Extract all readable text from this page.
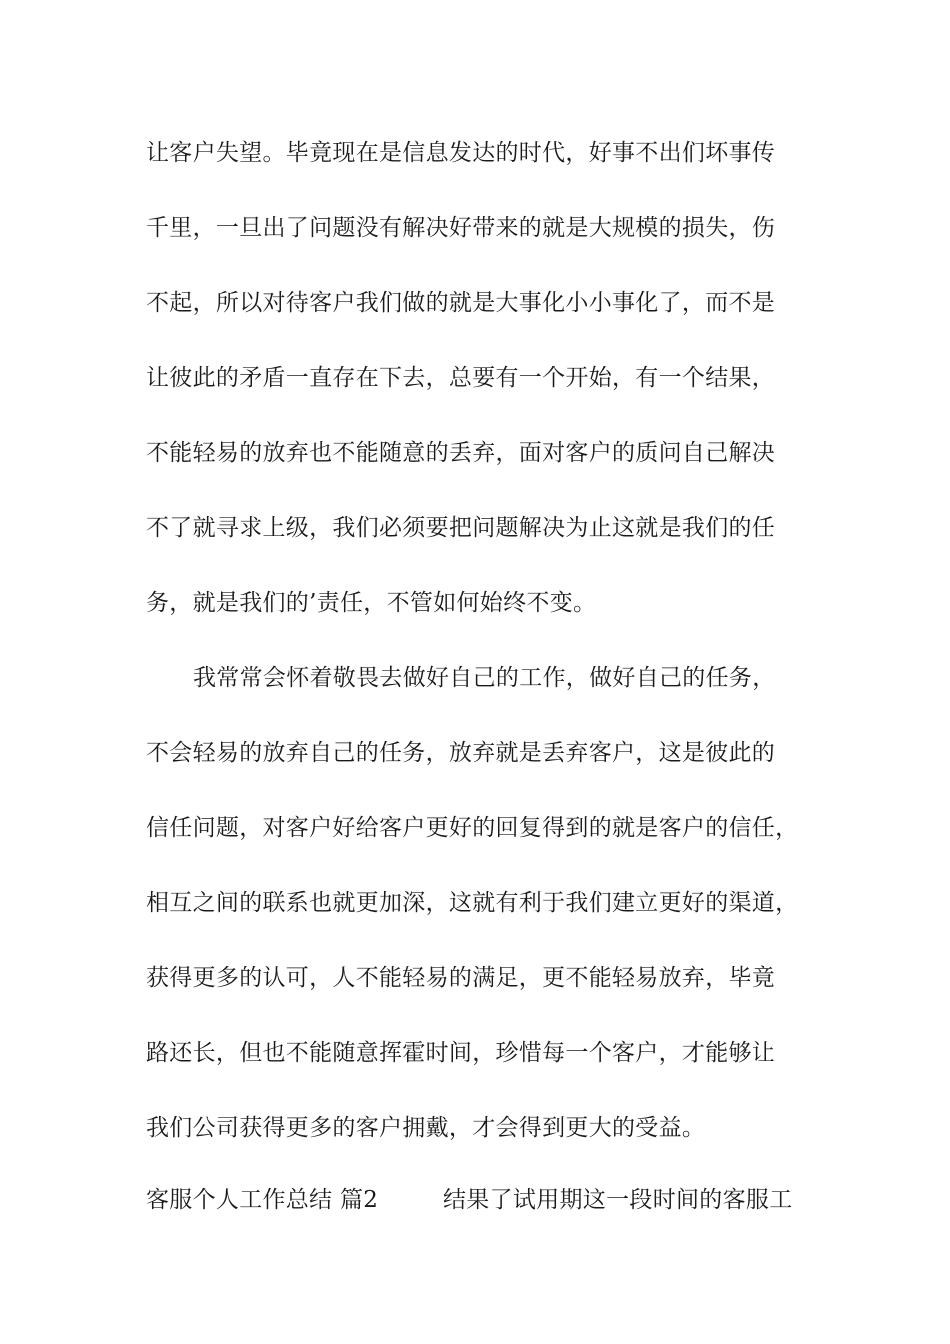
让客户失望。毕竟现在是信息发达的时代，好事不出们坏事传
千里，一旦出了问题没有解决好带来的就是大规模的损失，伤
不起，所以对待客户我们做的就是大事化小小事化了，而不是
让彼此的矛盾一直存在下去，总要有一个开始，有一个结果，
不能轻易的放弃也不能随意的丢弃，面对客户的质问自己解决
不了就寻求上级，我们必须要把问题解决为止这就是我们的任
务，就是我们的’责任，不管如何始终不变。
我常常会怀着敬畏去做好自己的工作，做好自己的任务，
不会轻易的放弃自己的任务，放弃就是丢弃客户，这是彼此的
信任问题，对客户好给客户更好的回复得到的就是客户的信任，
相互之间的联系也就更加深，这就有利于我们建立更好的渠道，
获得更多的认可，人不能轻易的满足，更不能轻易放弃，毕竟
路还长，但也不能随意挥霍时间，珍惜每一个客户，才能够让
我们公司获得更多的客户拥戴，才会得到更大的受益。
客服个人工作总结 篇2	结果了试用期这一段时间的客服工
